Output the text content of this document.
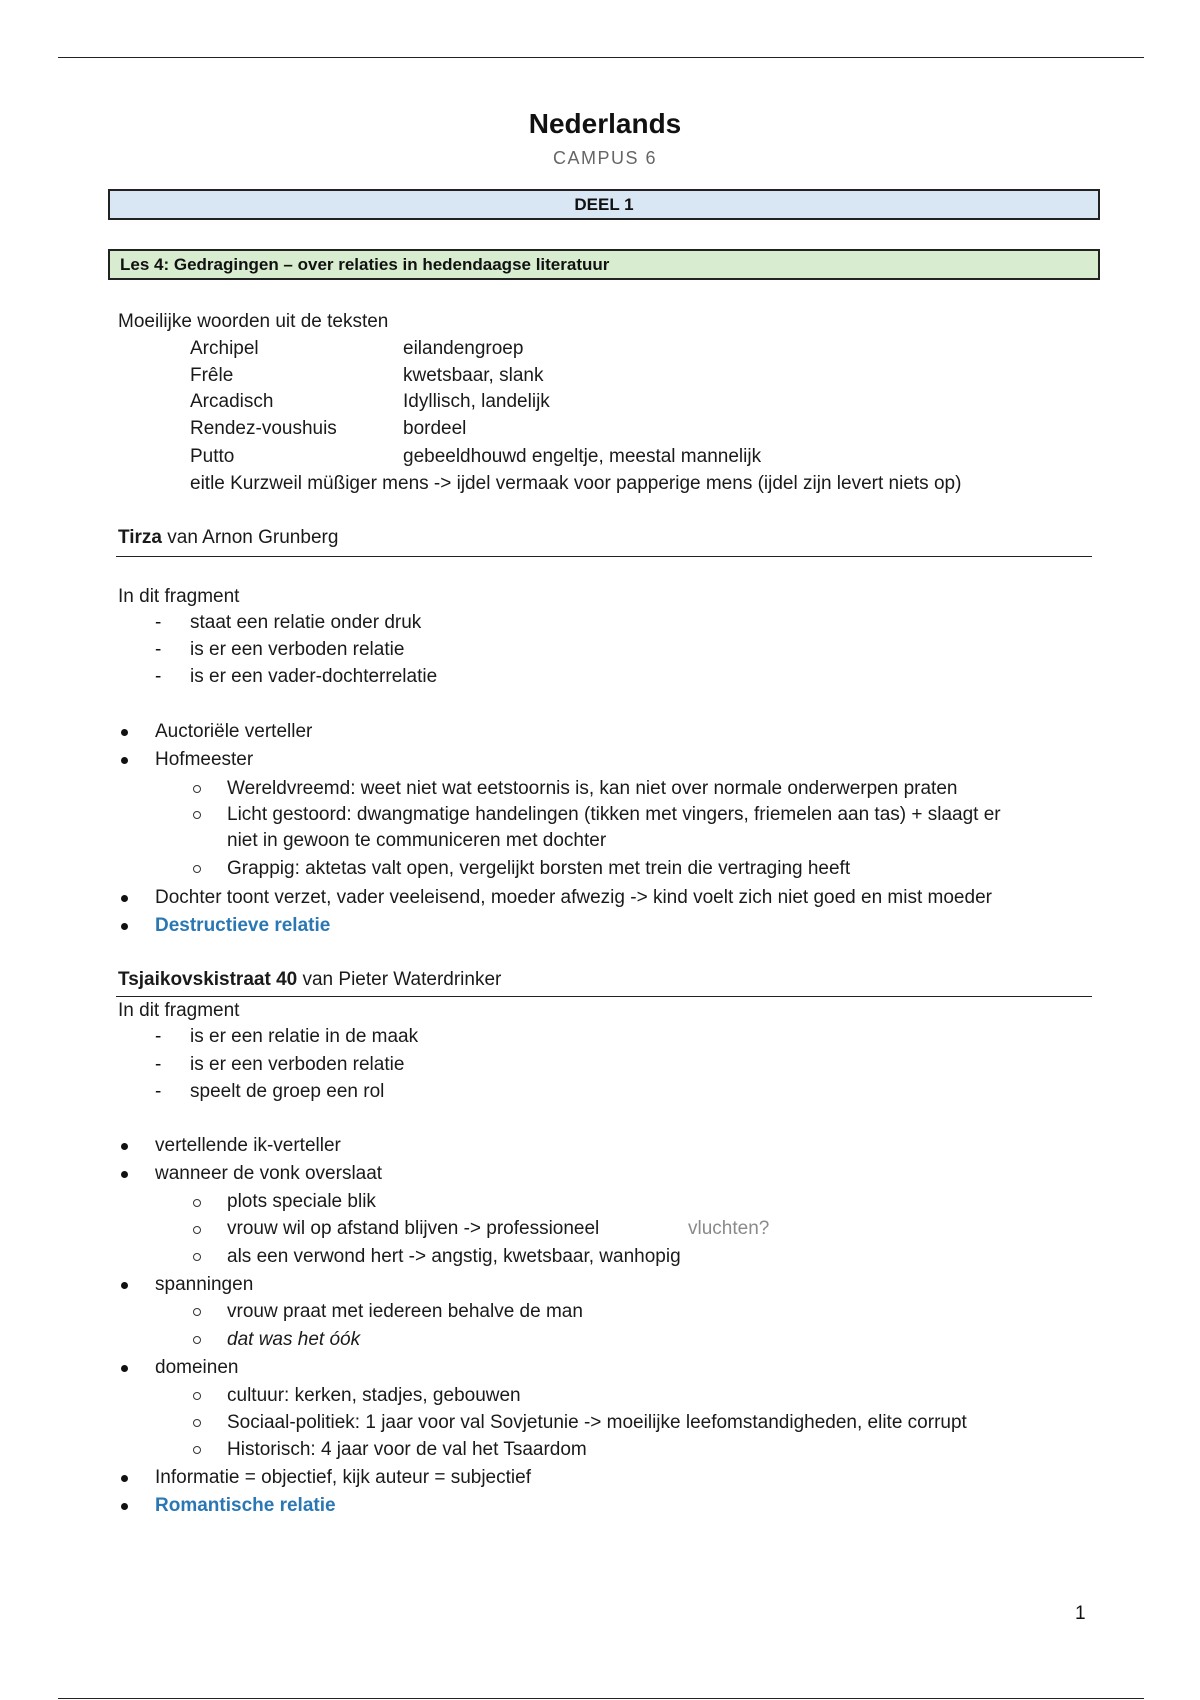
Nederlands
CAMPUS 6
DEEL 1
Les 4: Gedragingen – over relaties in hedendaagse literatuur
Moeilijke woorden uit de teksten
Archipel	eilandengroep
Frêle	kwetsbaar, slank
Arcadisch	Idyllisch, landelijk
Rendez-voushuis	bordeel
Putto	gebeeldhouwd engeltje, meestal mannelijk
eitle Kurzweil müßiger mens -> ijdel vermaak voor papperige mens (ijdel zijn levert niets op)
Tirza van Arnon Grunberg
In dit fragment
- staat een relatie onder druk
- is er een verboden relatie
- is er een vader-dochterrelatie
Auctoriële verteller
Hofmeester
Wereldvreemd: weet niet wat eetstoornis is, kan niet over normale onderwerpen praten
Licht gestoord: dwangmatige handelingen (tikken met vingers, friemelen aan tas) + slaagt er
niet in gewoon te communiceren met dochter
Grappig: aktetas valt open, vergelijkt borsten met trein die vertraging heeft
Dochter toont verzet, vader veeleisend, moeder afwezig -> kind voelt zich niet goed en mist moeder
Destructieve relatie
Tsjaikovskistraat 40 van Pieter Waterdrinker
In dit fragment
- is er een relatie in de maak
- is er een verboden relatie
- speelt de groep een rol
vertellende ik-verteller
wanneer de vonk overslaat
plots speciale blik
vrouw wil op afstand blijven -> professioneel	vluchten?
als een verwond hert -> angstig, kwetsbaar, wanhopig
spanningen
vrouw praat met iedereen behalve de man
dat was het óók
domeinen
cultuur: kerken, stadjes, gebouwen
Sociaal-politiek: 1 jaar voor val Sovjetunie -> moeilijke leefomstandigheden, elite corrupt
Historisch: 4 jaar voor de val het Tsaardom
Informatie = objectief, kijk auteur = subjectief
Romantische relatie
1
